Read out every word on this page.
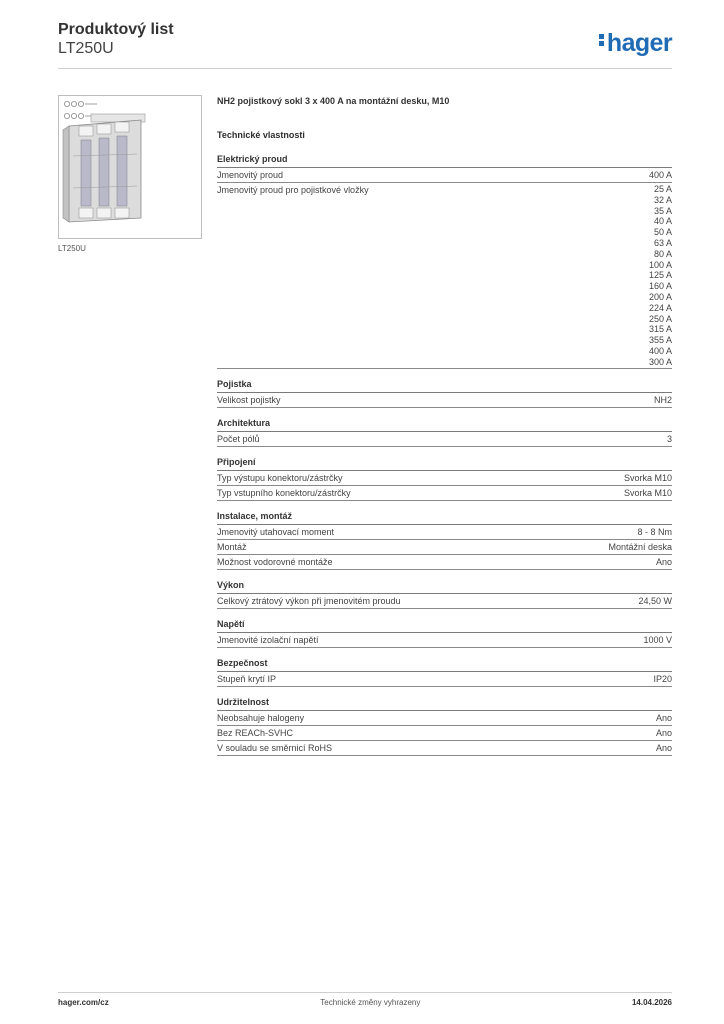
Produktový list
LT250U	hager
LT250U
NH2 pojistkový sokl 3 x 400 A na montážní desku, M10
Technické vlastnosti
Elektrický proud
Jmenovitý proud	400 A
Jmenovitý proud pro pojistkové vložky	25 A
32 A
35 A
40 A
50 A
63 A
80 A
100 A
125 A
160 A
200 A
224 A
250 A
315 A
355 A
400 A
300 A
Pojistka
Velikost pojistky	NH2
Architektura
Počet pólů	3
Připojení
Typ výstupu konektoru/zástrčky	Svorka M10
Typ vstupního konektoru/zástrčky	Svorka M10
Instalace, montáž
Jmenovitý utahovací moment	8 - 8 Nm
Montáž	Montážní deska
Možnost vodorovné montáže	Ano
Výkon
Celkový ztrátový výkon při jmenovitém proudu	24,50 W
Napětí
Jmenovité izolační napětí	1000 V
Bezpečnost
Stupeň krytí IP	IP20
Udržitelnost
Neobsahuje halogeny	Ano
Bez REACh-SVHC	Ano
V souladu se směrnicí RoHS	Ano
hager.com/cz	Technické změny vyhrazeny	14.04.2026
